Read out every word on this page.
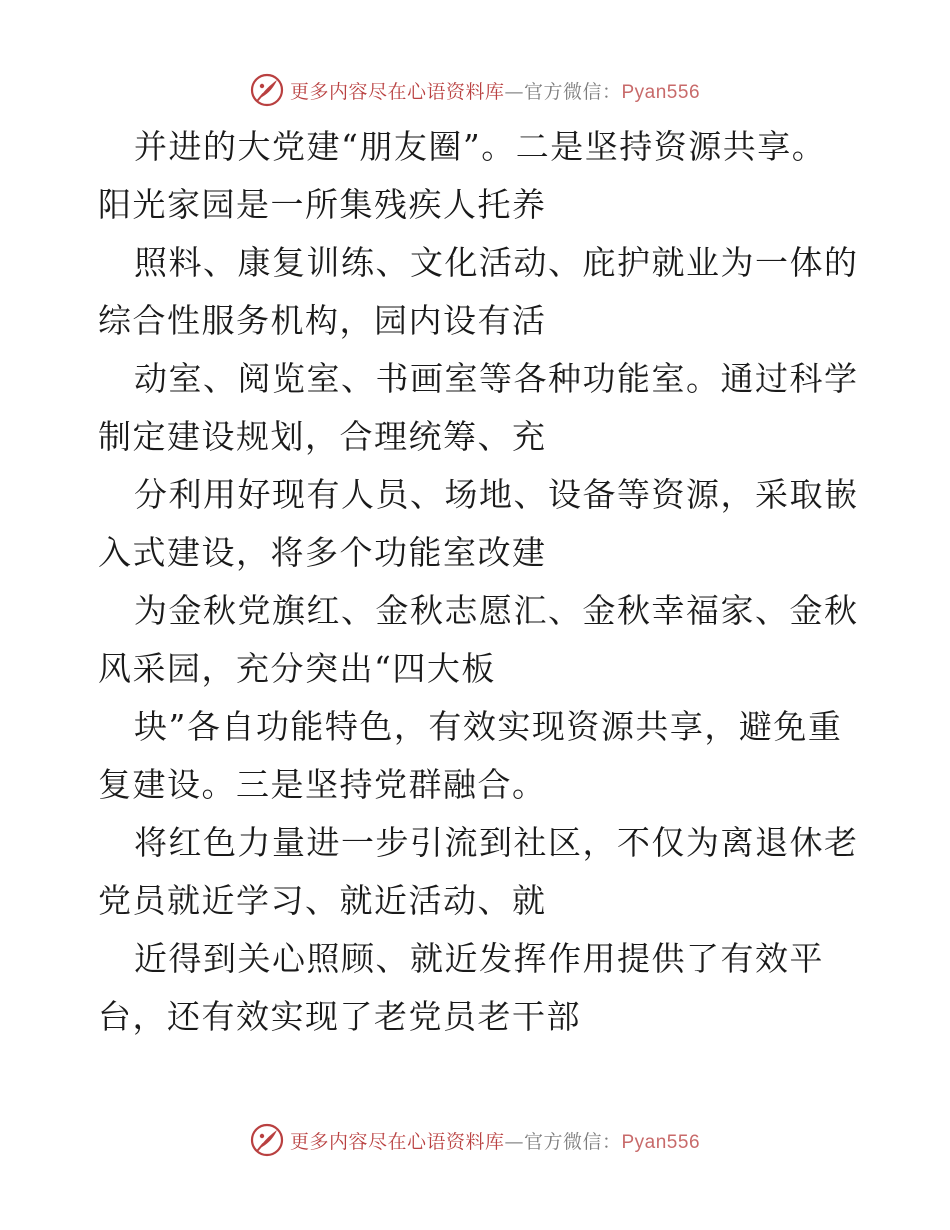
更多内容尽在心语资料库—官方微信：Pyan556
并进的大党建“朋友圈”。二是坚持资源共享。
阳光家园是一所集残疾人托养
照料、康复训练、文化活动、庇护就业为一体的
综合性服务机构，园内设有活
动室、阅览室、书画室等各种功能室。通过科学
制定建设规划，合理统筹、充
分利用好现有人员、场地、设备等资源，采取嵌
入式建设，将多个功能室改建
为金秋党旗红、金秋志愿汇、金秋幸福家、金秋
风采园，充分突出“四大板
块”各自功能特色，有效实现资源共享，避免重
复建设。三是坚持党群融合。
将红色力量进一步引流到社区，不仅为离退休老
党员就近学习、就近活动、就
近得到关心照顾、就近发挥作用提供了有效平
台，还有效实现了老党员老干部
更多内容尽在心语资料库—官方微信：Pyan556
